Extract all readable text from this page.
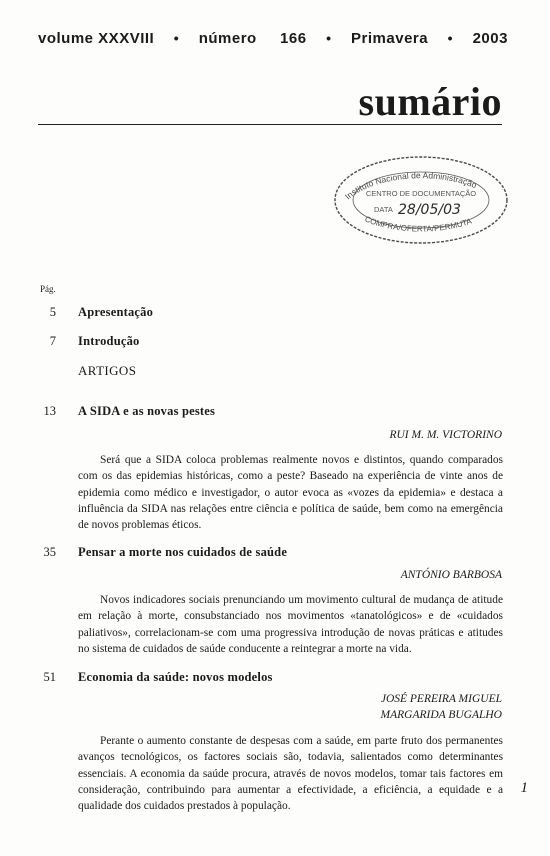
volume XXXVIII • número 166 • Primavera • 2003
sumário
Instituto Nacional de Administração
CENTRO DE DOCUMENTAÇÃO
DATA 28/05/03
COMPRA/OFERTA/PERMUTA
Pág.
5 Apresentação
7 Introdução
ARTIGOS
13 A SIDA e as novas pestes
RUI M. M. VICTORINO

Será que a SIDA coloca problemas realmente novos e distintos, quando comparados com os das epidemias históricas, como a peste? Baseado na experiência de vinte anos de epidemia como médico e investigador, o autor evoca as «vozes da epidemia» e destaca a influência da SIDA nas relações entre ciência e política de saúde, bem como na emergência de novos problemas éticos.

35 Pensar a morte nos cuidados de saúde
ANTÓNIO BARBOSA

Novos indicadores sociais prenunciando um movimento cultural de mudança de atitude em relação à morte, consubstanciado nos movimentos «tanatológicos» e de «cuidados paliativos», correlacionam-se com uma progressiva introdução de novas práticas e atitudes no sistema de cuidados de saúde conducente a reintegrar a morte na vida.

51 Economia da saúde: novos modelos
JOSÉ PEREIRA MIGUEL
MARGARIDA BUGALHO

Perante o aumento constante de despesas com a saúde, em parte fruto dos permanentes avanços tecnológicos, os factores sociais são, todavia, salientados como determinantes essenciais. A economia da saúde procura, através de novos modelos, tomar tais factores em consideração, contribuindo para aumentar a efectividade, a eficiência, a equidade e a qualidade dos cuidados prestados à população.

1
